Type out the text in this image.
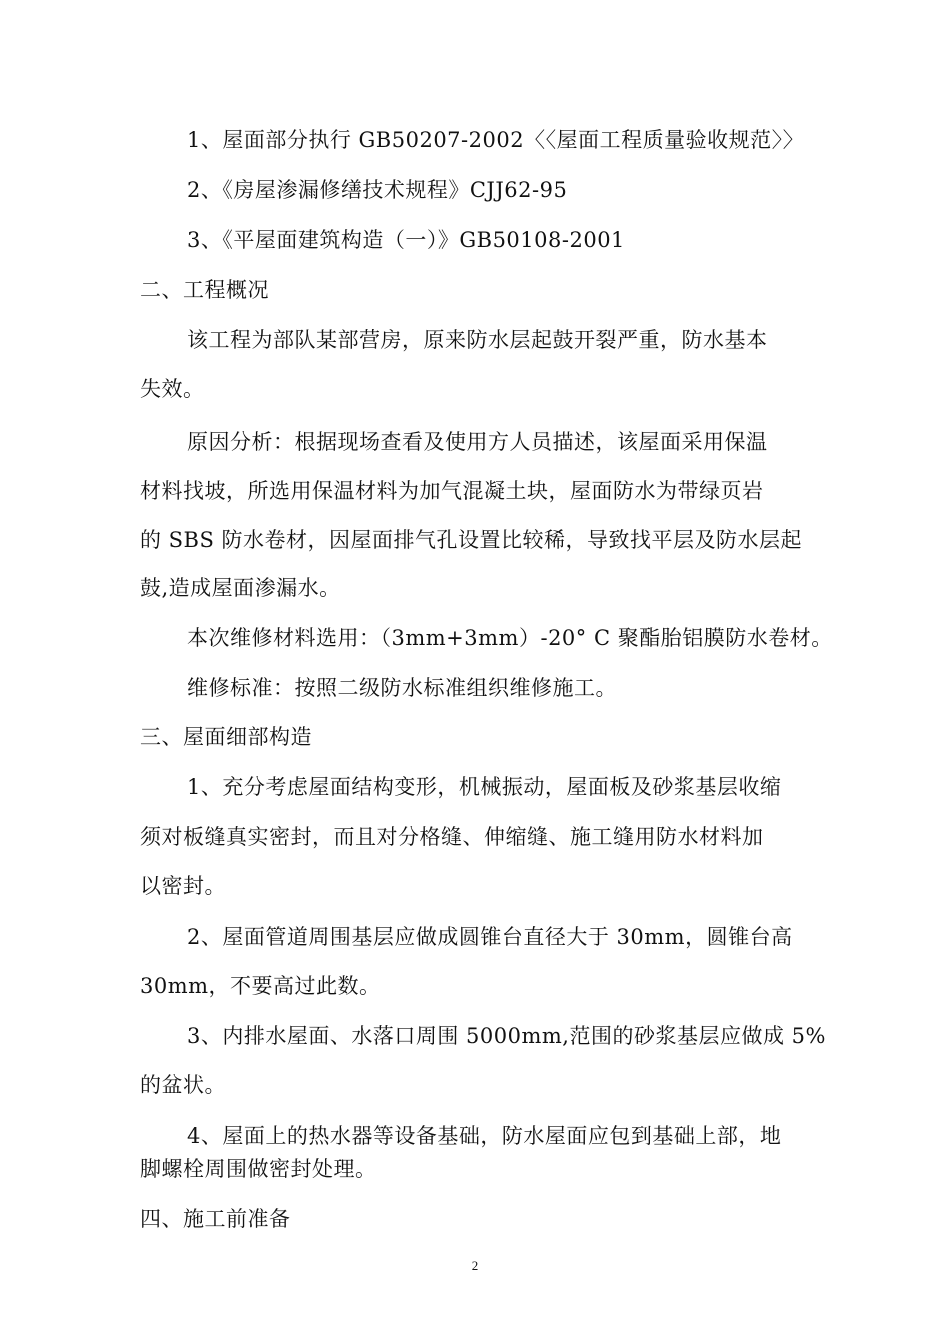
1、屋面部分执行 GB50207-2002〈〈屋面工程质量验收规范〉〉
2、《房屋渗漏修缮技术规程》CJJ62-95
3、《平屋面建筑构造（一）》GB50108-2001
二、工程概况
该工程为部队某部营房，原来防水层起鼓开裂严重，防水基本
失效。
原因分析：根据现场查看及使用方人员描述，该屋面采用保温
材料找坡，所选用保温材料为加气混凝土块，屋面防水为带绿页岩
的 SBS 防水卷材，因屋面排气孔设置比较稀，导致找平层及防水层起
鼓,造成屋面渗漏水。
本次维修材料选用：（3mm+3mm）-20° C 聚酯胎铝膜防水卷材。
维修标准：按照二级防水标准组织维修施工。
三、屋面细部构造
1、充分考虑屋面结构变形，机械振动，屋面板及砂浆基层收缩
须对板缝真实密封，而且对分格缝、伸缩缝、施工缝用防水材料加
以密封。
2、屋面管道周围基层应做成圆锥台直径大于 30mm，圆锥台高
30mm，不要高过此数。
3、内排水屋面、水落口周围 5000mm,范围的砂浆基层应做成 5%
的盆状。
4、屋面上的热水器等设备基础，防水屋面应包到基础上部，地
脚螺栓周围做密封处理。
四、施工前准备
2
